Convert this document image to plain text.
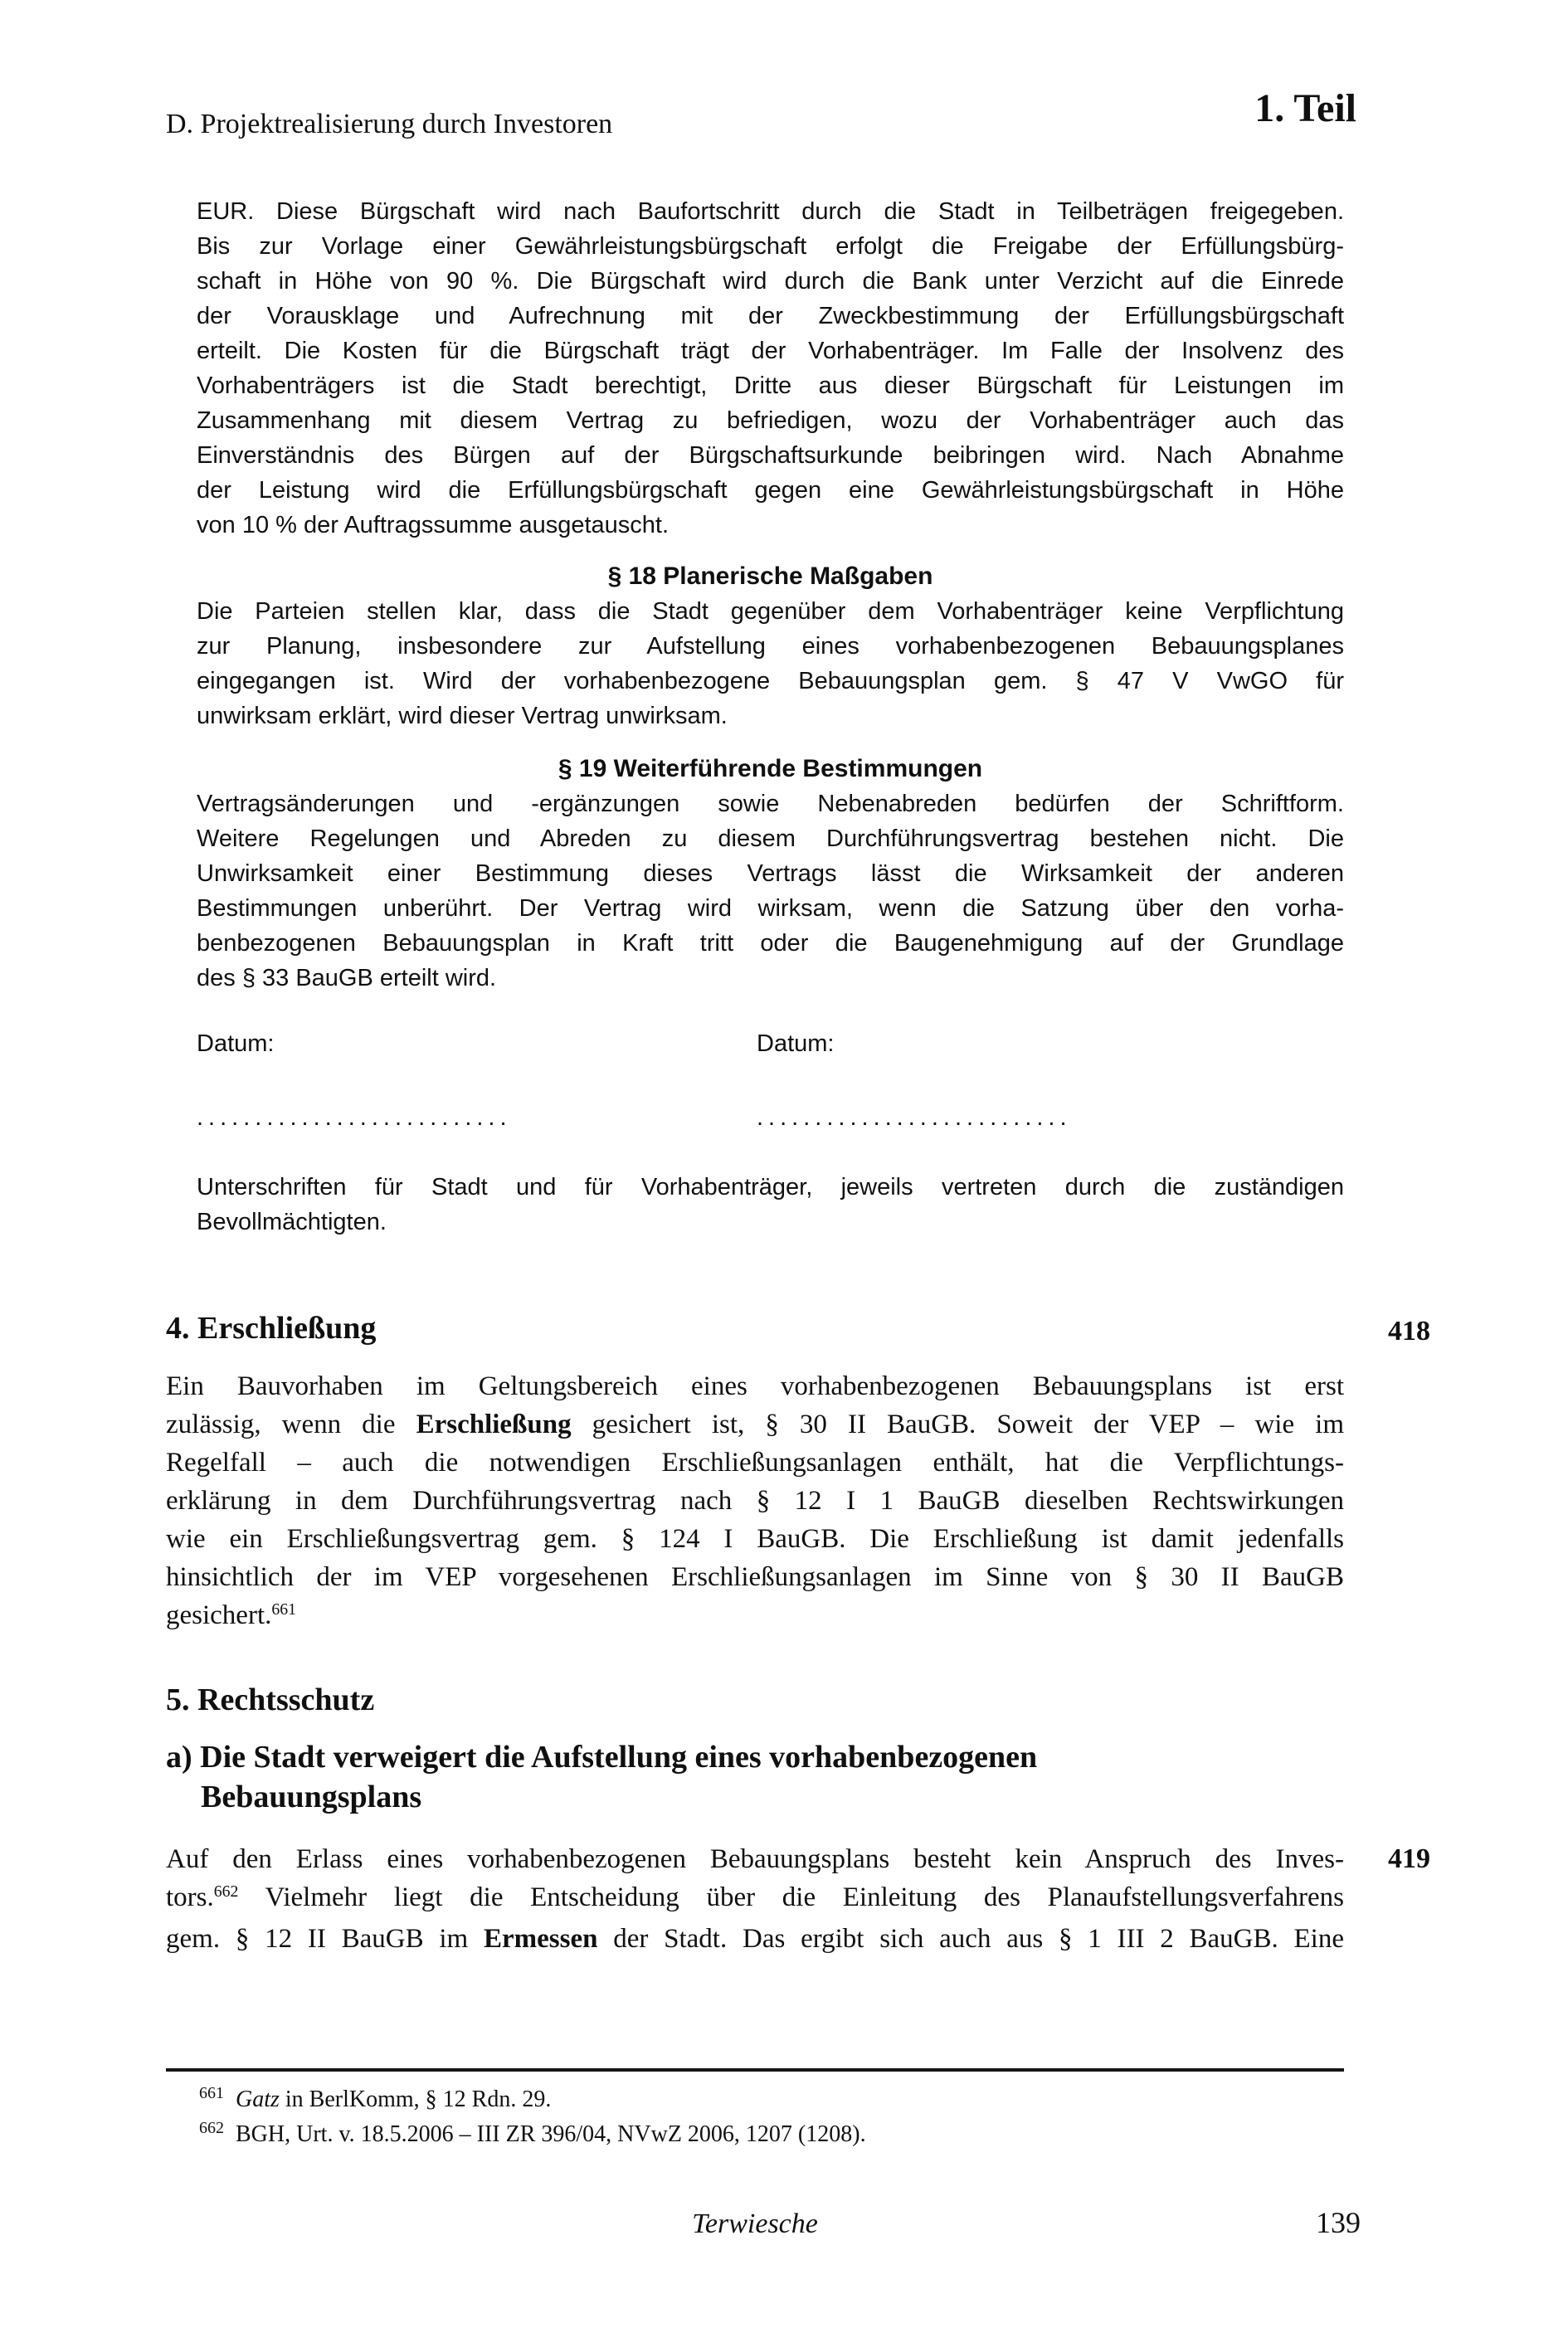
D. Projektrealisierung durch Investoren	1. Teil
EUR. Diese Bürgschaft wird nach Baufortschritt durch die Stadt in Teilbeträgen freigegeben.
Bis zur Vorlage einer Gewährleistungsbürgschaft erfolgt die Freigabe der Erfüllungsbürg-
schaft in Höhe von 90 %. Die Bürgschaft wird durch die Bank unter Verzicht auf die Einrede
der Vorausklage und Aufrechnung mit der Zweckbestimmung der Erfüllungsbürgschaft
erteilt. Die Kosten für die Bürgschaft trägt der Vorhabenträger. Im Falle der Insolvenz des
Vorhabenträgers ist die Stadt berechtigt, Dritte aus dieser Bürgschaft für Leistungen im
Zusammenhang mit diesem Vertrag zu befriedigen, wozu der Vorhabenträger auch das
Einverständnis des Bürgen auf der Bürgschaftsurkunde beibringen wird. Nach Abnahme
der Leistung wird die Erfüllungsbürgschaft gegen eine Gewährleistungsbürgschaft in Höhe
von 10 % der Auftragssumme ausgetauscht.
§ 18 Planerische Maßgaben
Die Parteien stellen klar, dass die Stadt gegenüber dem Vorhabenträger keine Verpflichtung
zur Planung, insbesondere zur Aufstellung eines vorhabenbezogenen Bebauungsplanes
eingegangen ist. Wird der vorhabenbezogene Bebauungsplan gem. § 47 V VwGO für
unwirksam erklärt, wird dieser Vertrag unwirksam.
§ 19 Weiterführende Bestimmungen
Vertragsänderungen und -ergänzungen sowie Nebenabreden bedürfen der Schriftform.
Weitere Regelungen und Abreden zu diesem Durchführungsvertrag bestehen nicht. Die
Unwirksamkeit einer Bestimmung dieses Vertrags lässt die Wirksamkeit der anderen
Bestimmungen unberührt. Der Vertrag wird wirksam, wenn die Satzung über den vorha-
benbezogenen Bebauungsplan in Kraft tritt oder die Baugenehmigung auf der Grundlage
des § 33 BauGB erteilt wird.
Datum:	Datum:
...........................	...........................
Unterschriften für Stadt und für Vorhabenträger, jeweils vertreten durch die zuständigen
Bevollmächtigten.
4. Erschließung	418
Ein Bauvorhaben im Geltungsbereich eines vorhabenbezogenen Bebauungsplans ist erst
zulässig, wenn die Erschließung gesichert ist, § 30 II BauGB. Soweit der VEP – wie im
Regelfall – auch die notwendigen Erschließungsanlagen enthält, hat die Verpflichtungs-
erklärung in dem Durchführungsvertrag nach § 12 I 1 BauGB dieselben Rechtswirkungen
wie ein Erschließungsvertrag gem. § 124 I BauGB. Die Erschließung ist damit jedenfalls
hinsichtlich der im VEP vorgesehenen Erschließungsanlagen im Sinne von § 30 II BauGB
gesichert.$^{661}$
5. Rechtsschutz
a) Die Stadt verweigert die Aufstellung eines vorhabenbezogenen
Bebauungsplans
419
Auf den Erlass eines vorhabenbezogenen Bebauungsplans besteht kein Anspruch des Inves-
tors.$^{662}$ Vielmehr liegt die Entscheidung über die Einleitung des Planaufstellungsverfahrens
gem. § 12 II BauGB im Ermessen der Stadt. Das ergibt sich auch aus § 1 III 2 BauGB. Eine
$^{661}$ Gatz in BerlKomm, § 12 Rdn. 29.
$^{662}$ BGH, Urt. v. 18.5.2006 – III ZR 396/04, NVwZ 2006, 1207 (1208).
Terwiesche	139
